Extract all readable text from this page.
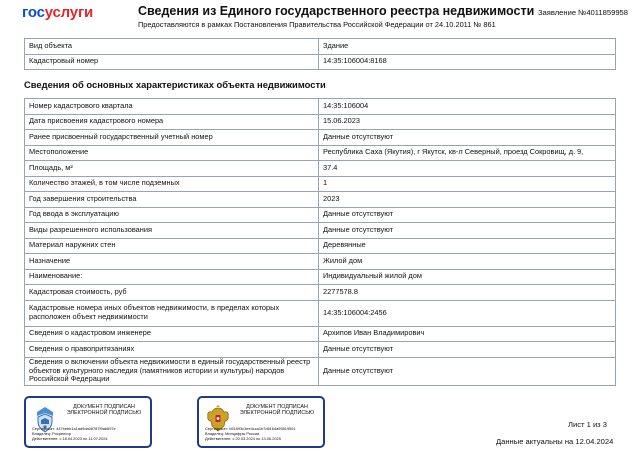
госуслуги	Сведения из Единого государственного реестра недвижимости
Предоставляются в рамках Постановления Правительства Российской Федерации от 24.10.2011 № 861
Заявление №4011859958
Вид объекта	Здание
Кадастровый номер	14:35:106004:8168
Сведения об основных характеристиках объекта недвижимости
Номер кадастрового квартала	14:35:106004
Дата присвоения кадастрового номера	15.06.2023
Ранее присвоенный государственный учетный номер	Данные отсутствуют
Местоположение	Республика Саха (Якутия), г Якутск, кв-л Северный, проезд Сокровищ, д. 9,
Площадь, м²	37.4
Количество этажей, в том числе подземных	1
Год завершения строительства	2023
Год ввода в эксплуатацию	Данные отсутствуют
Виды разрешенного использования	Данные отсутствуют
Материал наружних стен	Деревянные
Назначение	Жилой дом
Наименование:	Индивидуальный жилой дом
Кадастровая стоимость, руб	2277578.8
Кадастровые номера иных объектов недвижимости, в пределах которых расположен объект недвижимости	14:35:106004:2456
Сведения о кадастровом инженере	Архипов Иван Владимирович
Сведения о правопритязаниях	Данные отсутствуют
Сведения о включении объекта недвижимости в единый государственный реестр объектов культурного наследия (памятников истории и культуры) народов Российской Федерации	Данные отсутствуют
ДОКУМЕНТ ПОДПИСАН ЭЛЕКТРОННОЙ ПОДПИСЬЮ
Сертификат: 447bebb1a1ad9da08787f9ab697e
Владелец: Росреестр
Действителен: с 18.04.2023 по 11.07.2024
ДОКУМЕНТ ПОДПИСАН ЭЛЕКТРОННОЙ ПОДПИСЬЮ
Сертификат: b51893c3ee4cca1b7d5164a95519551
Владелец: Минцифры России
Действителен: с 20.03.2024 по 13.06.2025
Лист 1 из 3
Данные актуальны на 12.04.2024
